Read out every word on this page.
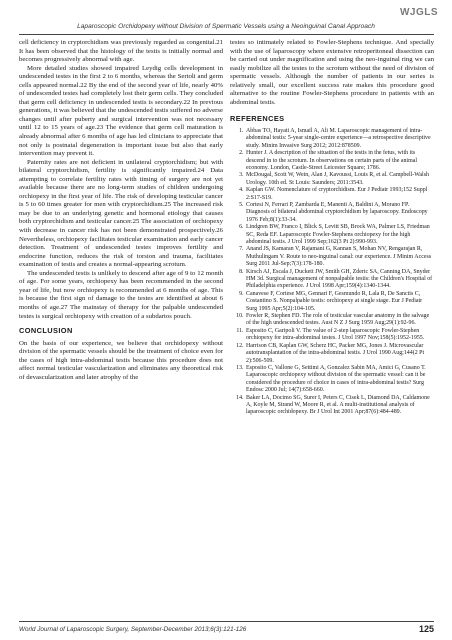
WJGLS
Laparoscopic Orchidopexy without Division of Spermatic Vessels using a Neoinguinal Canal Approach

cell deficiency in cryptorchidism was previously regarded as congenital.21 It has been observed that the histology of the testis is initially normal and becomes progressively abnormal with age.

More detailed studies showed impaired Leydig cells development in undescended testes in the first 2 to 6 months, whereas the Sertoli and germ cells appeared normal.22 By the end of the second year of life, nearly 40% of undescended testes had completely lost their germ cells. They concluded that germ cell deficiency in undescended testis is secondary.22 In previous generations, it was believed that the undescended testis suffered no adverse changes until after puberty and surgical intervention was not necessary until 12 to 15 years of age.23 The evidence that germ cell maturation is already abnormal after 6 months of age has led clinicians to appreciate that not only is postnatal degeneration is important issue but also that early intervention may prevent it.

Paternity rates are not deficient in unilateral cryptorchidism; but with bilateral cryptorchidism, fertility is significantly impaired.24 Data attempting to correlate fertility rates with timing of surgery are not yet available because there are no long-term studies of children undergoing orchiopexy in the first year of life. The risk of developing testicular cancer is 5 to 60 times greater for men with cryptorchidism.25 The increased risk may be due to an underlying genetic and hormonal etiology that causes both cryptorchidism and testicular cancer.25 The association of orchiopexy with decrease in cancer risk has not been demonstrated prospectively.26 Nevertheless, orchiopexy facilitates testicular examination and early cancer detection. Treatment of undescended testes improves fertility and endocrine function, reduces the risk of torsion and trauma, facilitates examination of testis and creates a normal-appearing scrotum.

The undescended testis is unlikely to descend after age of 9 to 12 month of age. For some years, orchiopexy has been recommended in the second year of life, but now orchiopexy is recommended at 6 months of age. This is because the first sign of damage to the testes are identified at about 6 months of age.27 The mainstay of therapy for the palpable undescended testes is surgical orchiopexy with creation of a subdartos pouch.

CONCLUSION

On the basis of our experience, we believe that orchidopexy without division of the spermatic vessels should be the treatment of choice even for the cases of high intra-abdominal testis because this procedure does not affect normal testicular vascularization and eliminates any theoretical risk of devascularization and later atrophy of the

testes so intimately related to Fowler-Stephens technique. And specially with the use of laparoscopy where extensive retroperitoneal dissection can be carried out under magnification and using the neo-inguinal ring we can easily mobilize all the testes to the scrotum without the need of division of spermatic vessels. Although the number of patients in our series is relatively small, our excellent success rate makes this procedure good alternative to the routine Fowler-Stephens procedure in patients with an abdominal testis.

REFERENCES
1. Abbas TO, Hayati A, Ismail A, Ali M. Laparoscopic management of intra-abdominal testis: 5-year single-centre experience—a retrospective descriptive study. Minim Invasive Surg 2012; 2012:878509.
2. Hunter J. A description of the situation of the testis in the fetus, with its descend in to the scrotum. In observations on certain parts of the animal economy. London, Castle-Street Leicester Square; 1786.
3. McDougal, Scott W, Wein, Alan J, Kavoussi, Louis R, et al. Campbell-Walsh Urology. 10th ed. St Louis: Saunders; 2011:3543.
4. Kaplan GW. Nomenclature of cryptorchidism. Eur J Pediatr 1993;152 Suppl 2:S17-S19.
5. Cortesi N, Ferrari P, Zambarda E, Manenti A, Baldini A, Morano FP. Diagnosis of bilateral abdominal cryptorchidism by laparoscopy. Endoscopy 1976 Feb;8(1):33-34.
6. Lindgren BW, Franco I, Blick S, Levitt SB, Brock WA, Palmer LS, Friedman SC, Reda EF. Laparoscopic Fowler-Stephens orchiopexy for the high abdominal testis. J Urol 1999 Sep;162(3 Pt 2):990-993.
7. Anand JS, Kamaran V, Rajamani G, Kannan S, Mohan NV, Rengarajan R, Muthulingam V. Route to neo-inguinal canal: our experience. J Minim Access Surg 2011 Jul-Sep;7(3):178-180.
8. Kirsch AJ, Escala J, Duckett JW, Smith GH, Zderic SA, Canning DA, Snyder HM 3d. Surgical management of nonpalpable testis: the Children's Hospital of Philadelphia experience. J Urol 1998 Apr;159(4):1340-1344.
9. Canavese F, Cortese MG, Gennari F, Gesmundo R, Lala R, De Sanctis C, Costantino S. Nonpalpable testis: orchiopexy at single stage. Eur J Pediatr Surg 1995 Apr;5(2):104-105.
10. Fowler R, Stephen FD. The role of testicular vascular anatomy in the salvage of the high undescended testes. Aust N Z J Surg 1959 Aug;29(1):92-96.
11. Esposito C, Garipoli V. The value of 2-step laparoscopic Fowler-Stephen orchiopexy for intra-abdominal testes. J Urol 1997 Nov;158(5):1952-1955.
12. Harrison CB, Kaplan GW, Scherz HC, Packer MG, Jones J. Microvascular autotransplantation of the intra-abdominal testis. J Urol 1990 Aug;144(2 Pt 2):506-509.
13. Esposito C, Vallone G, Settimi A, Gonzalez Sabin MA, Amici G, Cusano T. Laparoscopic orchiopexy without division of the spermatic vessel: can it be considered the procedure of choice in cases of intra-abdominal testis? Surg Endosc 2000 Jul; 14(7):658-660.
14. Baker LA, Docimo SG, Surer I, Peters C, Cisek L, Diamond DA, Caldamone A, Koyle M, Strand W, Moore R, et al. A multi-institutional analysis of laparoscopic orchidopexy. Br J Urol Int 2001 Apr;87(6):484-489.
World Journal of Laparoscopic Surgery, September-December 2013;6(3):121-126	125
